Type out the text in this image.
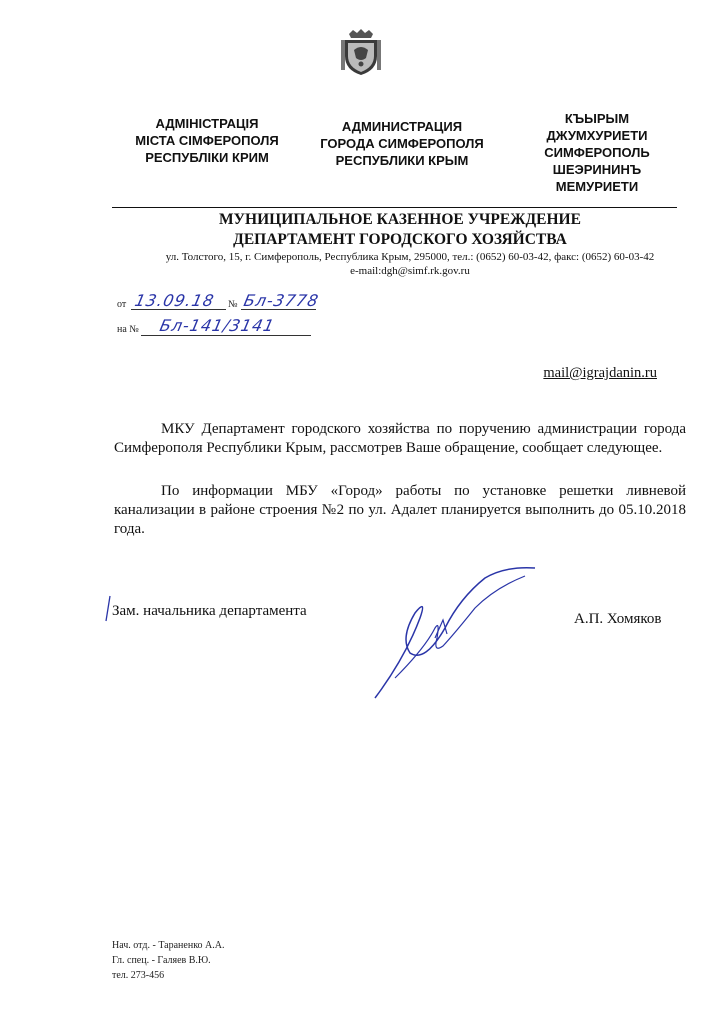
АДМІНІСТРАЦІЯ
МІСТА СІМФЕРОПОЛЯ
РЕСПУБЛІКИ КРИМ
АДМИНИСТРАЦИЯ
ГОРОДА СИМФЕРОПОЛЯ
РЕСПУБЛИКИ КРЫМ
КЪЫРЫМ
ДЖУМХУРИЕТИ
СИМФЕРОПОЛЬ
ШЕЭРИНИНЪ
МЕМУРИЕТИ
МУНИЦИПАЛЬНОЕ КАЗЕННОЕ УЧРЕЖДЕНИЕ
ДЕПАРТАМЕНТ ГОРОДСКОГО ХОЗЯЙСТВА
ул. Толстого, 15, г. Симферополь, Республика Крым, 295000, тел.: (0652) 60-03-42, факс: (0652) 60-03-42
e-mail:dgh@simf.rk.gov.ru
от 13.09.18 № Бл-3778
на № Бл-141/3141
mail@igrajdanin.ru

МКУ Департамент городского хозяйства по поручению администрации города Симферополя Республики Крым, рассмотрев Ваше обращение, сообщает следующее.

По информации МБУ «Город» работы по установке решетки ливневой канализации в районе строения №2 по ул. Адалет планируется выполнить до 05.10.2018 года.

Зам. начальника департамента	А.П. Хомяков
Нач. отд. - Тараненко А.А.
Гл. спец. - Галяев В.Ю.
тел. 273-456
